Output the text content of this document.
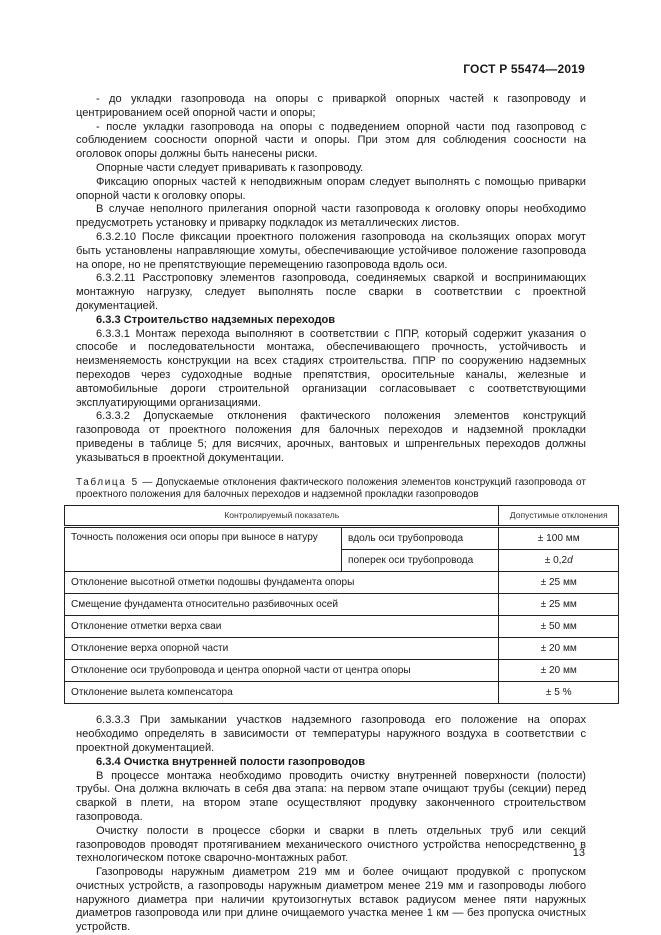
ГОСТ Р 55474—2019

- до укладки газопровода на опоры с приваркой опорных частей к газопроводу и центрированием осей опорной части и опоры;

- после укладки газопровода на опоры с подведением опорной части под газопровод с соблюдением соосности опорной части и опоры. При этом для соблюдения соосности на оголовок опоры должны быть нанесены риски.

Опорные части следует приваривать к газопроводу.

Фиксацию опорных частей к неподвижным опорам следует выполнять с помощью приварки опорной части к оголовку опоры.

В случае неполного прилегания опорной части газопровода к оголовку опоры необходимо предусмотреть установку и приварку подкладок из металлических листов.

6.3.2.10 После фиксации проектного положения газопровода на скользящих опорах могут быть установлены направляющие хомуты, обеспечивающие устойчивое положение газопровода на опоре, но не препятствующие перемещению газопровода вдоль оси.

6.3.2.11 Расстроповку элементов газопровода, соединяемых сваркой и воспринимающих монтажную нагрузку, следует выполнять после сварки в соответствии с проектной документацией.

6.3.3 Строительство надземных переходов

6.3.3.1 Монтаж перехода выполняют в соответствии с ППР, который содержит указания о способе и последовательности монтажа, обеспечивающего прочность, устойчивость и неизменяемость конструкции на всех стадиях строительства. ППР по сооружению надземных переходов через судоходные водные препятствия, оросительные каналы, железные и автомобильные дороги строительной организации согласовывает с соответствующими эксплуатирующими организациями.

6.3.3.2 Допускаемые отклонения фактического положения элементов конструкций газопровода от проектного положения для балочных переходов и надземной прокладки приведены в таблице 5; для висячих, арочных, вантовых и шпренгельных переходов должны указываться в проектной документации.

Таблица 5 — Допускаемые отклонения фактического положения элементов конструкций газопровода от проектного положения для балочных переходов и надземной прокладки газопроводов

Контролируемый показатель		Допустимые отклонения
Точность положения оси опоры при выносе в натуру	вдоль оси трубопровода	± 100 мм
	поперек оси трубопровода	± 0,2d
Отклонение высотной отметки подошвы фундамента опоры		± 25 мм
Смещение фундамента относительно разбивочных осей		± 25 мм
Отклонение отметки верха сваи		± 50 мм
Отклонение верха опорной части		± 20 мм
Отклонение оси трубопровода и центра опорной части от центра опоры		± 20 мм
Отклонение вылета компенсатора		± 5 %

6.3.3.3 При замыкании участков надземного газопровода его положение на опорах необходимо определять в зависимости от температуры наружного воздуха в соответствии с проектной документацией.

6.3.4 Очистка внутренней полости газопроводов

В процессе монтажа необходимо проводить очистку внутренней поверхности (полости) трубы. Она должна включать в себя два этапа: на первом этапе очищают трубы (секции) перед сваркой в плети, на втором этапе осуществляют продувку законченного строительством газопровода.

Очистку полости в процессе сборки и сварки в плеть отдельных труб или секций газопроводов проводят протягиванием механического очистного устройства непосредственно в технологическом потоке сварочно-монтажных работ.

Газопроводы наружным диаметром 219 мм и более очищают продувкой с пропуском очистных устройств, а газопроводы наружным диаметром менее 219 мм и газопроводы любого наружного диаметра при наличии крутоизогнутых вставок радиусом менее пяти наружных диаметров газопровода или при длине очищаемого участка менее 1 км — без пропуска очистных устройств.

13
